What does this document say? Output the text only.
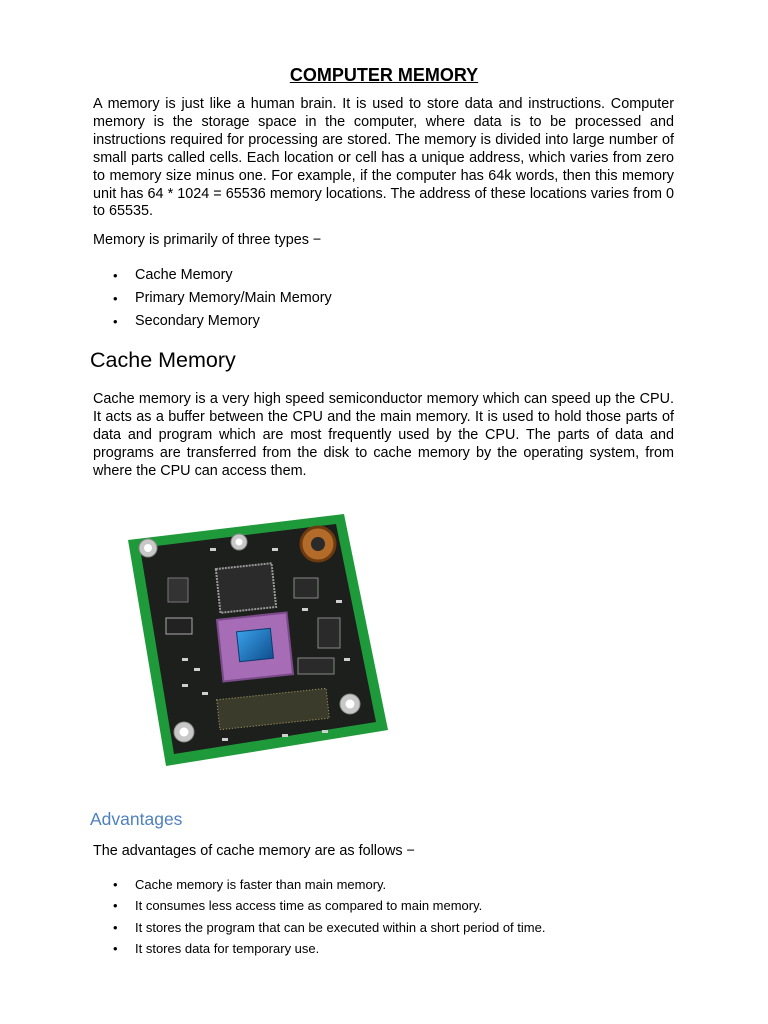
COMPUTER MEMORY

A memory is just like a human brain. It is used to store data and instructions. Computer memory is the storage space in the computer, where data is to be processed and instructions required for processing are stored. The memory is divided into large number of small parts called cells. Each location or cell has a unique address, which varies from zero to memory size minus one. For example, if the computer has 64k words, then this memory unit has 64 * 1024 = 65536 memory locations. The address of these locations varies from 0 to 65535.

Memory is primarily of three types −

• Cache Memory
• Primary Memory/Main Memory
• Secondary Memory
Cache Memory

Cache memory is a very high speed semiconductor memory which can speed up the CPU. It acts as a buffer between the CPU and the main memory. It is used to hold those parts of data and program which are most frequently used by the CPU. The parts of data and programs are transferred from the disk to cache memory by the operating system, from where the CPU can access them.

P13
Advantages

The advantages of cache memory are as follows −

• Cache memory is faster than main memory.
• It consumes less access time as compared to main memory.
• It stores the program that can be executed within a short period of time.
• It stores data for temporary use.
